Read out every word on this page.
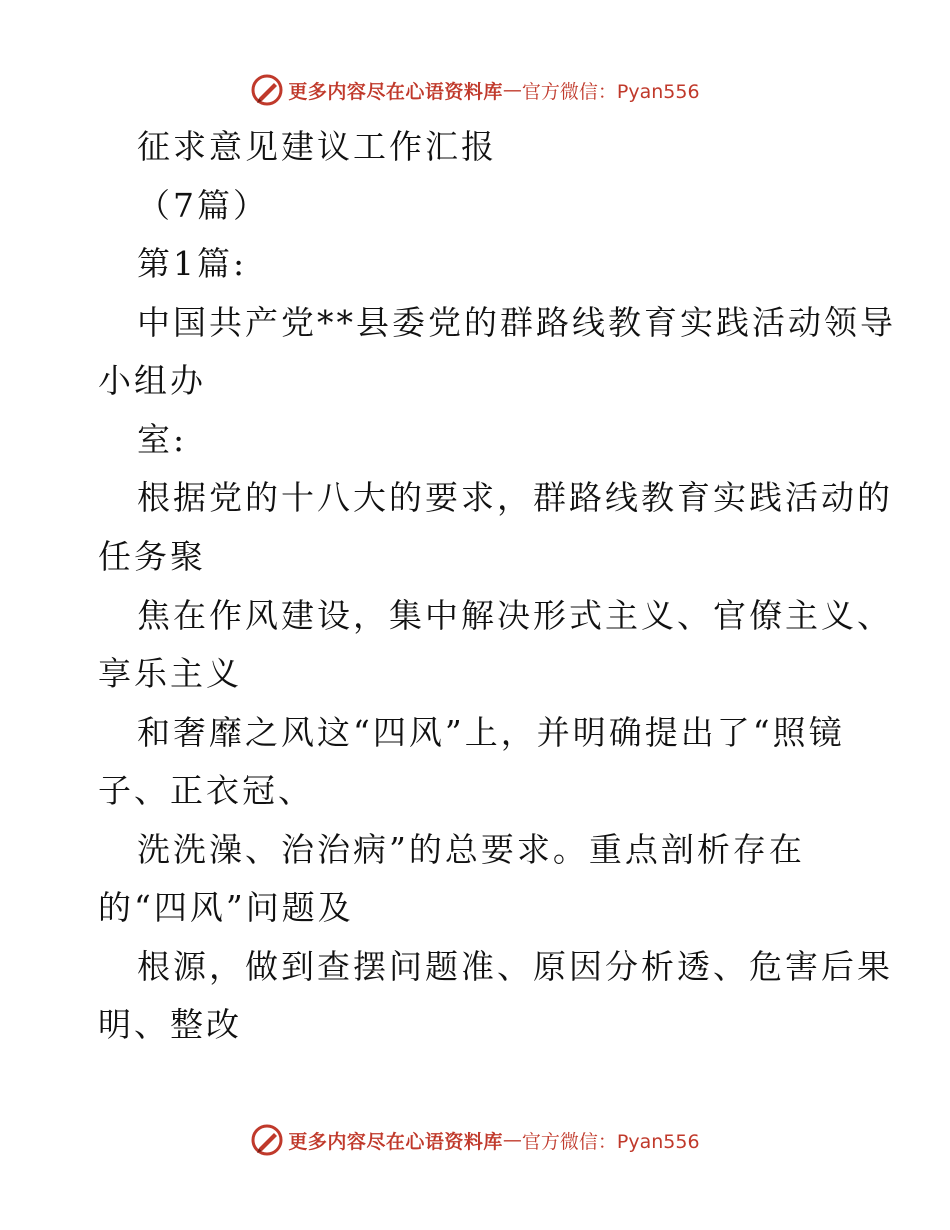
更多内容尽在心语资料库 — 官方微信：Pyan556
征求意见建议工作汇报
（7篇）
第1篇:
中国共产党**县委党的群路线教育实践活动领导
小组办
室:
根据党的十八大的要求，群路线教育实践活动的
任务聚
焦在作风建设，集中解决形式主义、官僚主义、
享乐主义
和奢靡之风这“四风”上，并明确提出了“照镜
子、正衣冠、
洗洗澡、治治病”的总要求。重点剖析存在
的“四风”问题及
根源，做到查摆问题准、原因分析透、危害后果
明、整改
更多内容尽在心语资料库 — 官方微信：Pyan556
